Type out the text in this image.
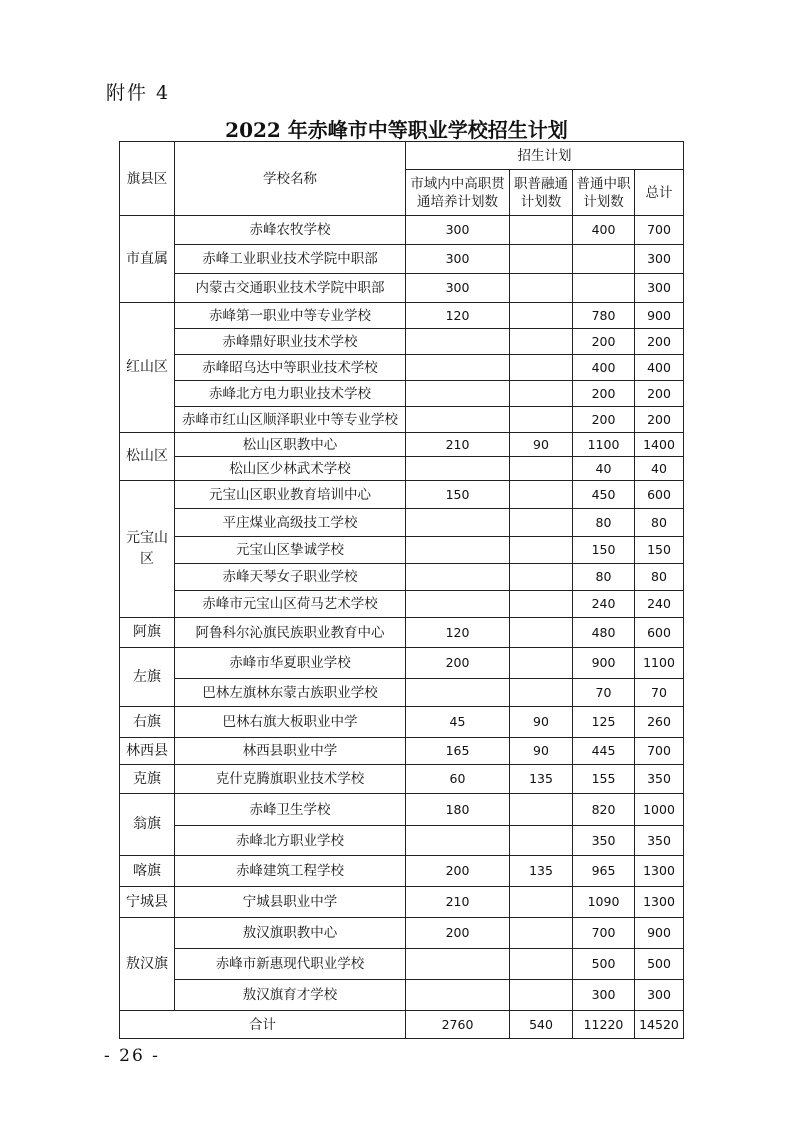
附件 4
2022 年赤峰市中等职业学校招生计划
旗县区	学校名称	招生计划			
		市域内中高职贯通培养计划数	职普融通计划数	普通中职计划数	总计
市直属	赤峰农牧学校	300		400	700
	赤峰工业职业技术学院中职部	300			300
	内蒙古交通职业技术学院中职部	300			300
红山区	赤峰第一职业中等专业学校	120		780	900
	赤峰鼎好职业技术学校			200	200
	赤峰昭乌达中等职业技术学校			400	400
	赤峰北方电力职业技术学校			200	200
	赤峰市红山区顺泽职业中等专业学校			200	200
松山区	松山区职教中心	210	90	1100	1400
	松山区少林武术学校			40	40
元宝山区	元宝山区职业教育培训中心	150		450	600
	平庄煤业高级技工学校			80	80
	元宝山区挚诚学校			150	150
	赤峰天琴女子职业学校			80	80
	赤峰市元宝山区荷马艺术学校			240	240
阿旗	阿鲁科尔沁旗民族职业教育中心	120		480	600
左旗	赤峰市华夏职业学校	200		900	1100
	巴林左旗林东蒙古族职业学校			70	70
右旗	巴林右旗大板职业中学	45	90	125	260
林西县	林西县职业中学	165	90	445	700
克旗	克什克腾旗职业技术学校	60	135	155	350
翁旗	赤峰卫生学校	180		820	1000
	赤峰北方职业学校			350	350
喀旗	赤峰建筑工程学校	200	135	965	1300
宁城县	宁城县职业中学	210		1090	1300
敖汉旗	敖汉旗职教中心	200		700	900
	赤峰市新惠现代职业学校			500	500
	敖汉旗育才学校			300	300
合计		2760	540	11220	14520
- 26 -
